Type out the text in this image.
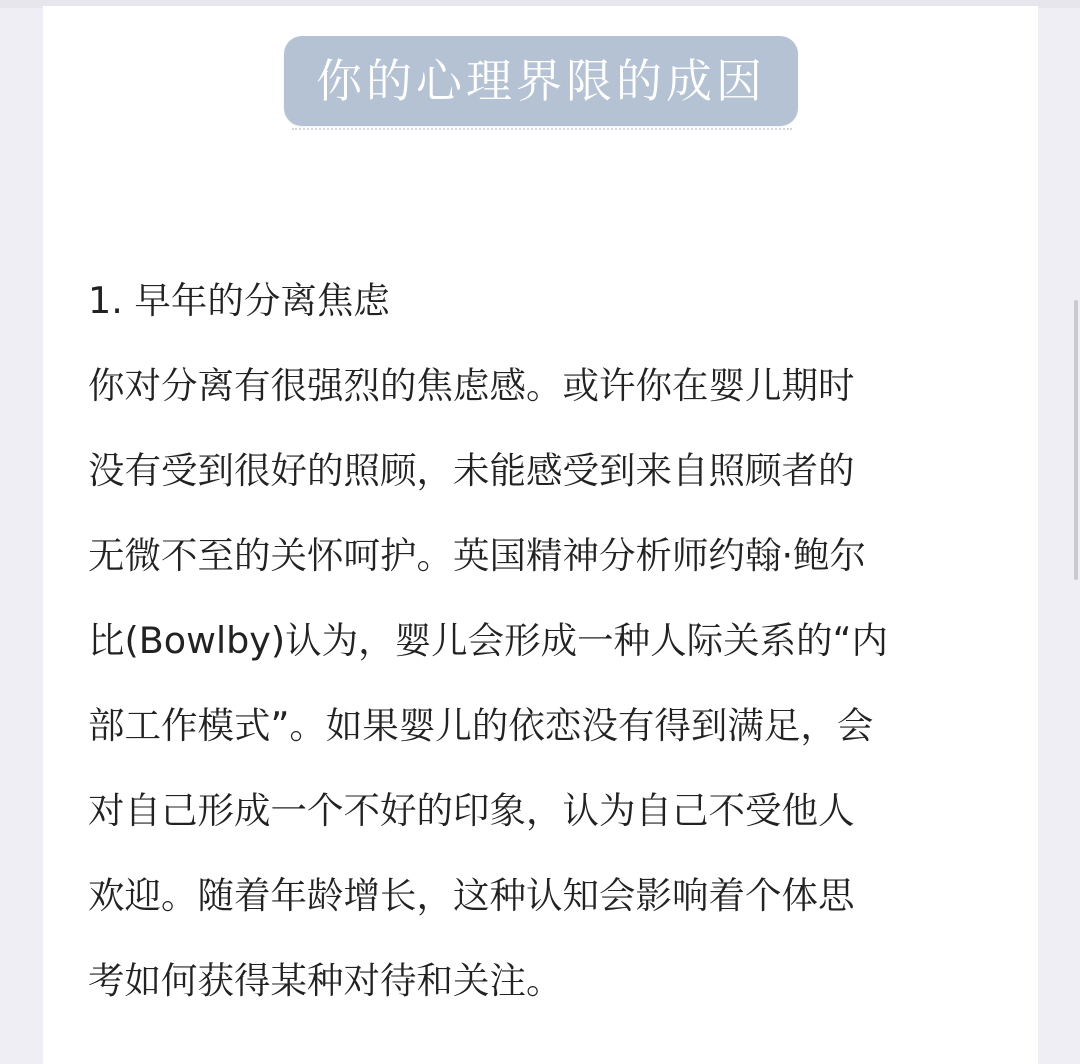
你的心理界限的成因

1. 早年的分离焦虑

你对分离有很强烈的焦虑感。或许你在婴儿期时

没有受到很好的照顾，未能感受到来自照顾者的

无微不至的关怀呵护。英国精神分析师约翰·鲍尔

比(Bowlby)认为，婴儿会形成一种人际关系的“内

部工作模式”。如果婴儿的依恋没有得到满足，会

对自己形成一个不好的印象，认为自己不受他人

欢迎。随着年龄增长，这种认知会影响着个体思

考如何获得某种对待和关注。
